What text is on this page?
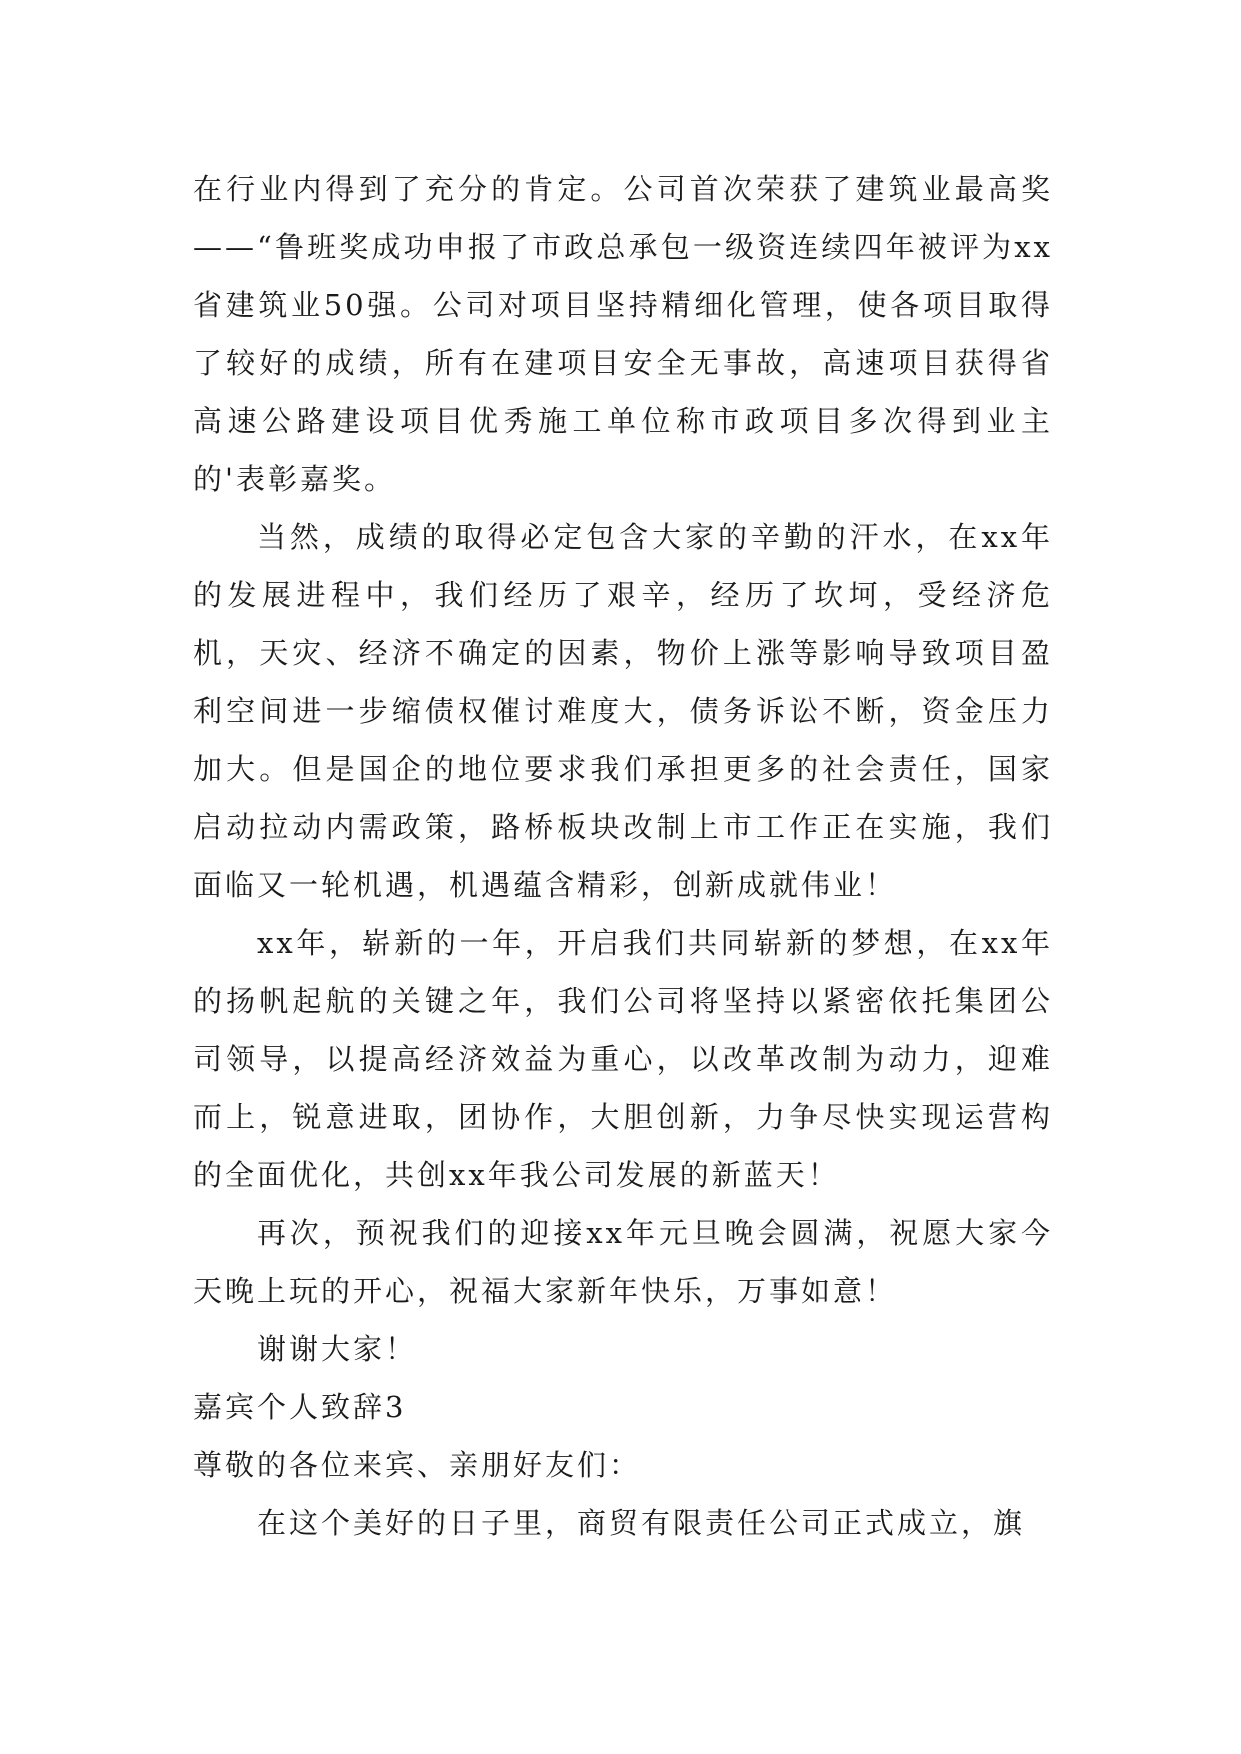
在行业内得到了充分的肯定。公司首次荣获了建筑业最高奖——“鲁班奖成功申报了市政总承包一级资连续四年被评为xx省建筑业50强。公司对项目坚持精细化管理，使各项目取得了较好的成绩，所有在建项目安全无事故，高速项目获得省高速公路建设项目优秀施工单位称市政项目多次得到业主的'表彰嘉奖。

当然，成绩的取得必定包含大家的辛勤的汗水，在xx年的发展进程中，我们经历了艰辛，经历了坎坷，受经济危机，天灾、经济不确定的因素，物价上涨等影响导致项目盈利空间进一步缩债权催讨难度大，债务诉讼不断，资金压力加大。但是国企的地位要求我们承担更多的社会责任，国家启动拉动内需政策，路桥板块改制上市工作正在实施，我们面临又一轮机遇，机遇蕴含精彩，创新成就伟业！

xx年，崭新的一年，开启我们共同崭新的梦想，在xx年的扬帆起航的关键之年，我们公司将坚持以紧密依托集团公司领导，以提高经济效益为重心，以改革改制为动力，迎难而上，锐意进取，团协作，大胆创新，力争尽快实现运营构的全面优化，共创xx年我公司发展的新蓝天！

再次，预祝我们的迎接xx年元旦晚会圆满，祝愿大家今天晚上玩的开心，祝福大家新年快乐，万事如意！

谢谢大家！

嘉宾个人致辞3

尊敬的各位来宾、亲朋好友们：

在这个美好的日子里，商贸有限责任公司正式成立，旗
